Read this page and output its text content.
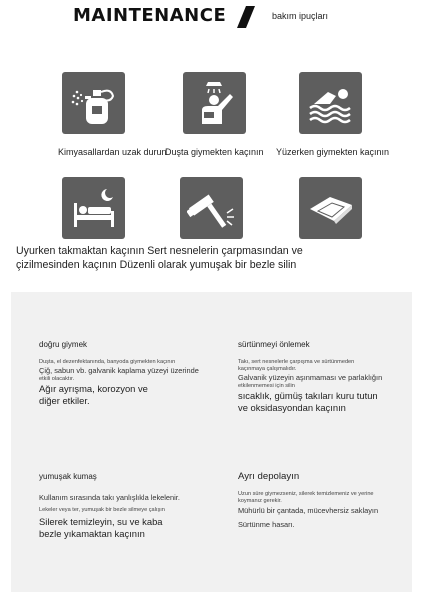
MAINTENANCE	bakım ipuçları
Kimyasallardan uzak durun
Duşta giymekten kaçının Yüzerken giymekten kaçının
Uyurken takmaktan kaçının Sert nesnelerin çarpmasından ve
çizilmesinden kaçının Düzenli olarak yumuşak bir bezle silin
doğru giymek
Duşta, el dezenfektanında, banyoda giymekten kaçının
Çiğ, sabun vb. galvanik kaplama yüzeyi üzerinde
etkili olacaktır.
Ağır ayrışma, korozyon ve
diğer etkiler.
sürtünmeyi önlemek
Takı, sert nesnelerle çarpışma ve sürtünmeden
kaçınmaya çalışmalıdır.
Galvanik yüzeyin aşınmaması ve parlaklığın
etkilenmemesi için silin
sıcaklık, gümüş takıları kuru tutun
ve oksidasyondan kaçının
yumuşak kumaş
Kullanım sırasında takı yanlışlıkla lekelenir.
Lekeler veya ter, yumuşak bir bezle silmeye çalışın
Silerek temizleyin, su ve kaba
bezle yıkamaktan kaçının
Ayrı depolayın
Uzun süre giymezseniz, silerek temizlemeniz ve yerine
koymanız gerekir.
Mühürlü bir çantada, mücevhersiz saklayın
Sürtünme hasarı.
